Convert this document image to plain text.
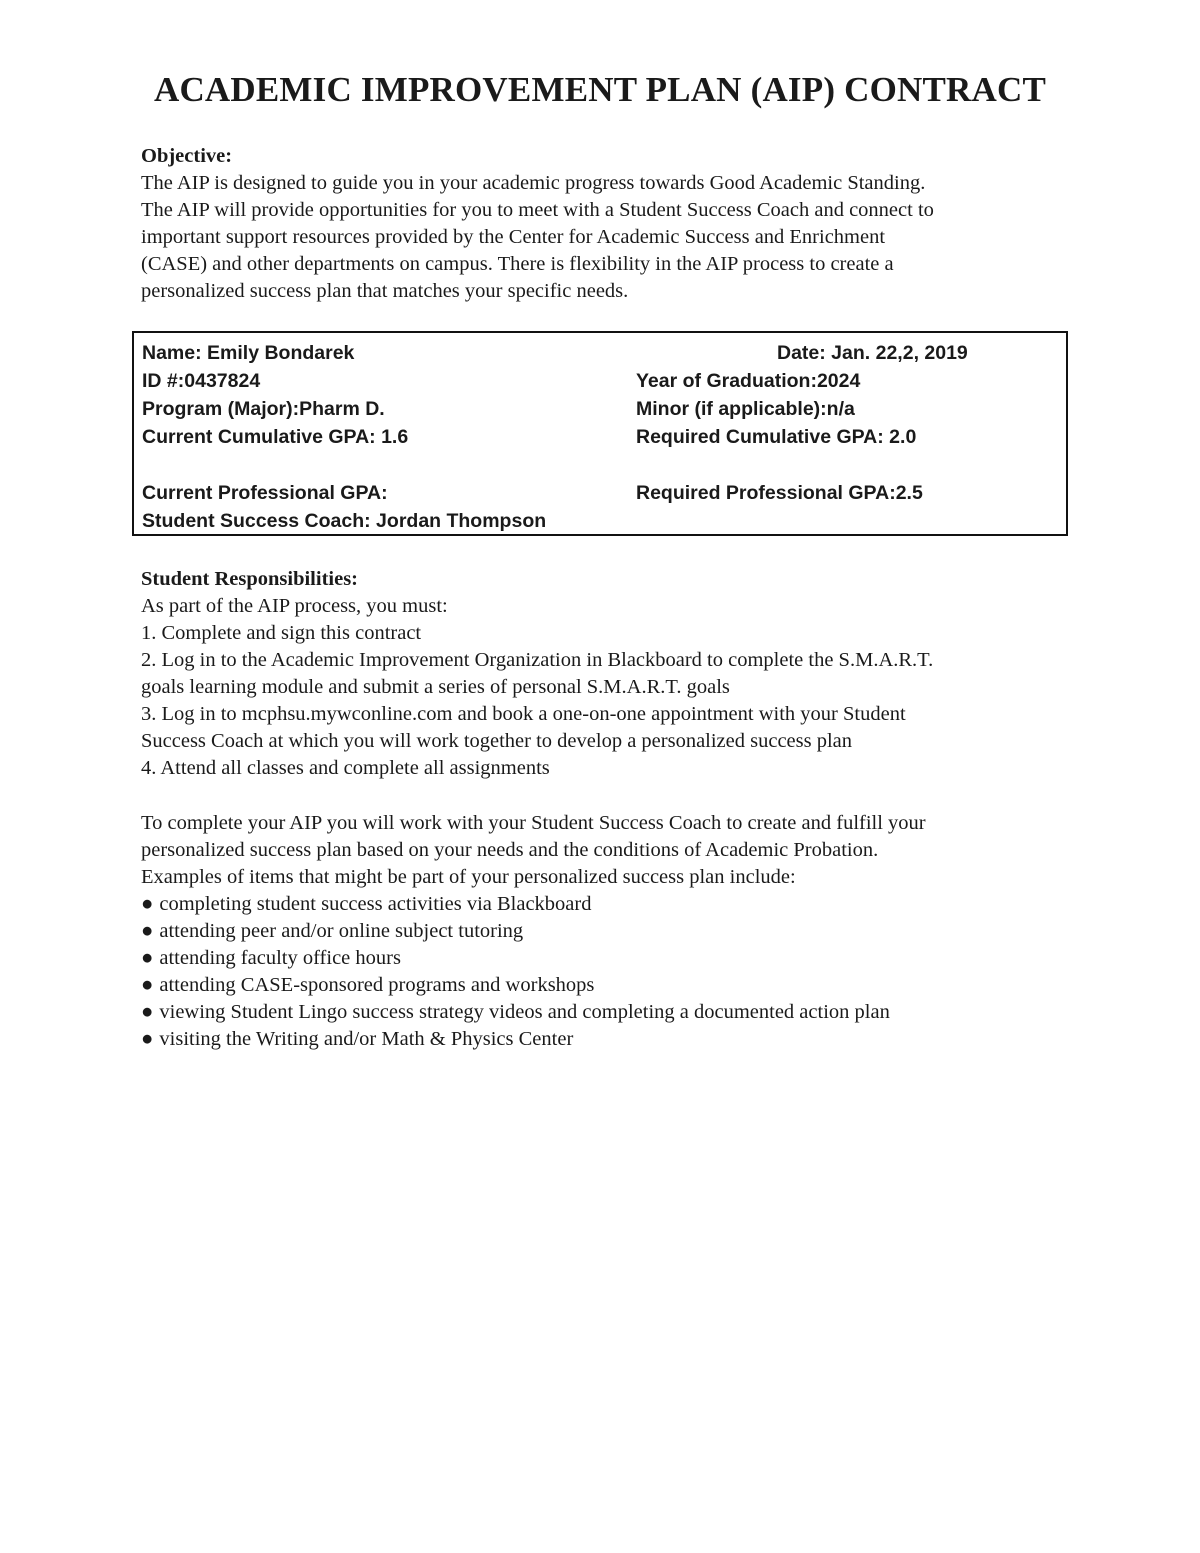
ACADEMIC IMPROVEMENT PLAN (AIP) CONTRACT

Objective:

The AIP is designed to guide you in your academic progress towards Good Academic Standing.

The AIP will provide opportunities for you to meet with a Student Success Coach and connect to

important support resources provided by the Center for Academic Success and Enrichment

(CASE) and other departments on campus. There is flexibility in the AIP process to create a

personalized success plan that matches your specific needs.

Name: Emily Bondarek	Date: Jan. 22,2, 2019
ID #:0437824	Year of Graduation:2024
Program (Major):Pharm D.	Minor (if applicable):n/a
Current Cumulative GPA: 1.6	Required Cumulative GPA: 2.0
Current Professional GPA:	Required Professional GPA:2.5
Student Success Coach: Jordan Thompson

Student Responsibilities:

As part of the AIP process, you must:

1. Complete and sign this contract

2. Log in to the Academic Improvement Organization in Blackboard to complete the S.M.A.R.T.

goals learning module and submit a series of personal S.M.A.R.T. goals

3. Log in to mcphsu.mywconline.com and book a one-on-one appointment with your Student

Success Coach at which you will work together to develop a personalized success plan

4. Attend all classes and complete all assignments

To complete your AIP you will work with your Student Success Coach to create and fulfill your

personalized success plan based on your needs and the conditions of Academic Probation.

Examples of items that might be part of your personalized success plan include:

● completing student success activities via Blackboard
● attending peer and/or online subject tutoring
● attending faculty office hours
● attending CASE-sponsored programs and workshops
● viewing Student Lingo success strategy videos and completing a documented action plan
● visiting the Writing and/or Math & Physics Center
